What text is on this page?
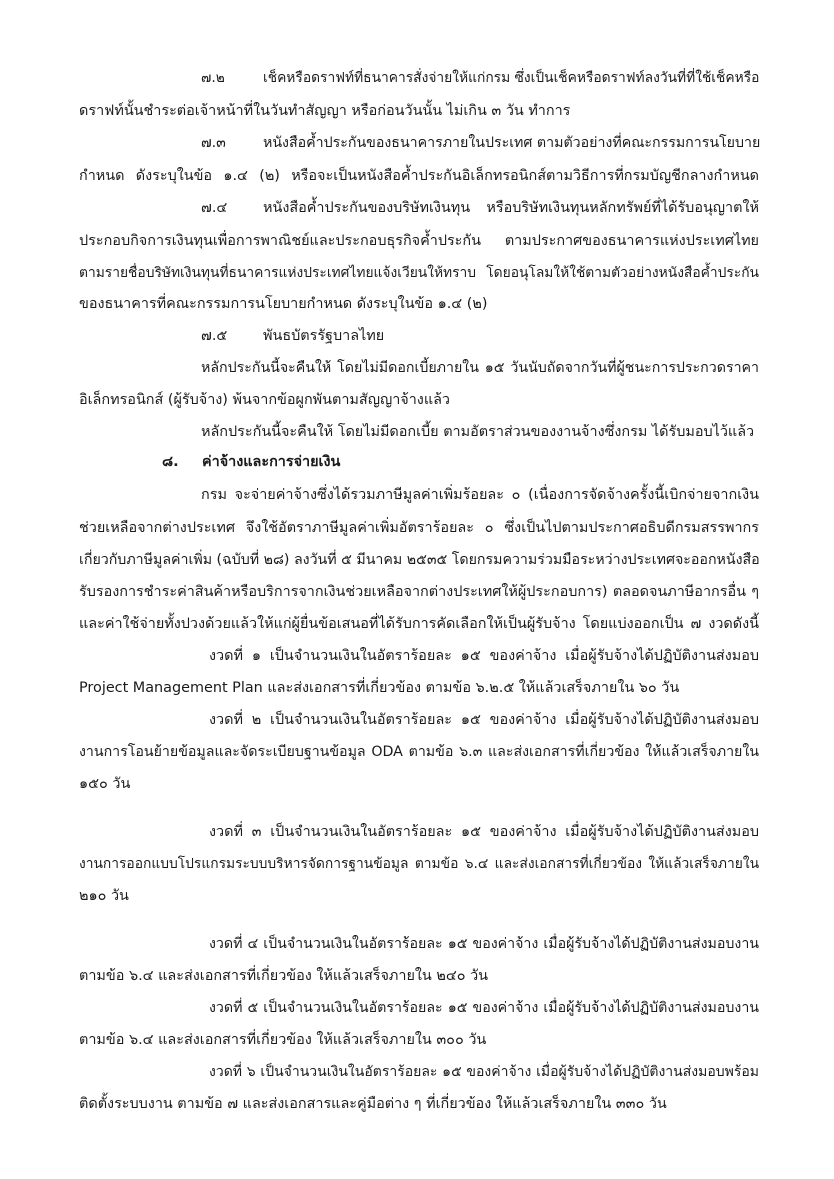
๗.๒	เช็คหรือดราฟท์ที่ธนาคารสั่งจ่ายให้แก่กรม ซึ่งเป็นเช็คหรือดราฟท์ลงวันที่ที่ใช้เช็คหรือ
ดราฟท์นั้นชำระต่อเจ้าหน้าที่ในวันทำสัญญา หรือก่อนวันนั้น ไม่เกิน ๓ วัน ทำการ
๗.๓	หนังสือค้ำประกันของธนาคารภายในประเทศ ตามตัวอย่างที่คณะกรรมการนโยบาย
กำหนด ดังระบุในข้อ ๑.๔ (๒) หรือจะเป็นหนังสือค้ำประกันอิเล็กทรอนิกส์ตามวิธีการที่กรมบัญชีกลางกำหนด
๗.๔ หนังสือค้ำประกันของบริษัทเงินทุน หรือบริษัทเงินทุนหลักทรัพย์ที่ได้รับอนุญาตให้
ประกอบกิจการเงินทุนเพื่อการพาณิชย์และประกอบธุรกิจค้ำประกัน ตามประกาศของธนาคารแห่งประเทศไทย
ตามรายชื่อบริษัทเงินทุนที่ธนาคารแห่งประเทศไทยแจ้งเวียนให้ทราบ โดยอนุโลมให้ใช้ตามตัวอย่างหนังสือค้ำประกัน
ของธนาคารที่คณะกรรมการนโยบายกำหนด ดังระบุในข้อ ๑.๔ (๒)
๗.๕ พันธบัตรรัฐบาลไทย
หลักประกันนี้จะคืนให้ โดยไม่มีดอกเบี้ยภายใน ๑๕ วันนับถัดจากวันที่ผู้ชนะการประกวดราคา
อิเล็กทรอนิกส์ (ผู้รับจ้าง) พ้นจากข้อผูกพันตามสัญญาจ้างแล้ว
หลักประกันนี้จะคืนให้ โดยไม่มีดอกเบี้ย ตามอัตราส่วนของงานจ้างซึ่งกรม ได้รับมอบไว้แล้ว
๘. ค่าจ้างและการจ่ายเงิน
กรม จะจ่ายค่าจ้างซึ่งได้รวมภาษีมูลค่าเพิ่มร้อยละ ๐ (เนื่องการจัดจ้างครั้งนี้เบิกจ่ายจากเงิน
ช่วยเหลือจากต่างประเทศ จึงใช้อัตราภาษีมูลค่าเพิ่มอัตราร้อยละ ๐ ซึ่งเป็นไปตามประกาศอธิบดีกรมสรรพากร
เกี่ยวกับภาษีมูลค่าเพิ่ม (ฉบับที่ ๒๘) ลงวันที่ ๕ มีนาคม ๒๕๓๕ โดยกรมความร่วมมือระหว่างประเทศจะออกหนังสือ
รับรองการชำระค่าสินค้าหรือบริการจากเงินช่วยเหลือจากต่างประเทศให้ผู้ประกอบการ) ตลอดจนภาษีอากรอื่น ๆ
และค่าใช้จ่ายทั้งปวงด้วยแล้วให้แก่ผู้ยื่นข้อเสนอที่ได้รับการคัดเลือกให้เป็นผู้รับจ้าง โดยแบ่งออกเป็น ๗ งวดดังนี้
งวดที่ ๑ เป็นจำนวนเงินในอัตราร้อยละ ๑๕ ของค่าจ้าง เมื่อผู้รับจ้างได้ปฏิบัติงานส่งมอบ
Project Management Plan และส่งเอกสารที่เกี่ยวข้อง ตามข้อ ๖.๒.๕ ให้แล้วเสร็จภายใน ๖๐ วัน
งวดที่ ๒ เป็นจำนวนเงินในอัตราร้อยละ ๑๕ ของค่าจ้าง เมื่อผู้รับจ้างได้ปฏิบัติงานส่งมอบ
งานการโอนย้ายข้อมูลและจัดระเบียบฐานข้อมูล ODA ตามข้อ ๖.๓ และส่งเอกสารที่เกี่ยวข้อง ให้แล้วเสร็จภายใน
๑๕๐ วัน
งวดที่ ๓ เป็นจำนวนเงินในอัตราร้อยละ ๑๕ ของค่าจ้าง เมื่อผู้รับจ้างได้ปฏิบัติงานส่งมอบ
งานการออกแบบโปรแกรมระบบบริหารจัดการฐานข้อมูล ตามข้อ ๖.๔ และส่งเอกสารที่เกี่ยวข้อง ให้แล้วเสร็จภายใน
๒๑๐ วัน
งวดที่ ๔ เป็นจำนวนเงินในอัตราร้อยละ ๑๕ ของค่าจ้าง เมื่อผู้รับจ้างได้ปฏิบัติงานส่งมอบงาน
ตามข้อ ๖.๔ และส่งเอกสารที่เกี่ยวข้อง ให้แล้วเสร็จภายใน ๒๔๐ วัน
งวดที่ ๕ เป็นจำนวนเงินในอัตราร้อยละ ๑๕ ของค่าจ้าง เมื่อผู้รับจ้างได้ปฏิบัติงานส่งมอบงาน
ตามข้อ ๖.๔ และส่งเอกสารที่เกี่ยวข้อง ให้แล้วเสร็จภายใน ๓๐๐ วัน
งวดที่ ๖ เป็นจำนวนเงินในอัตราร้อยละ ๑๕ ของค่าจ้าง เมื่อผู้รับจ้างได้ปฏิบัติงานส่งมอบพร้อม
ติดตั้งระบบงาน ตามข้อ ๗ และส่งเอกสารและคู่มือต่าง ๆ ที่เกี่ยวข้อง ให้แล้วเสร็จภายใน ๓๓๐ วัน
